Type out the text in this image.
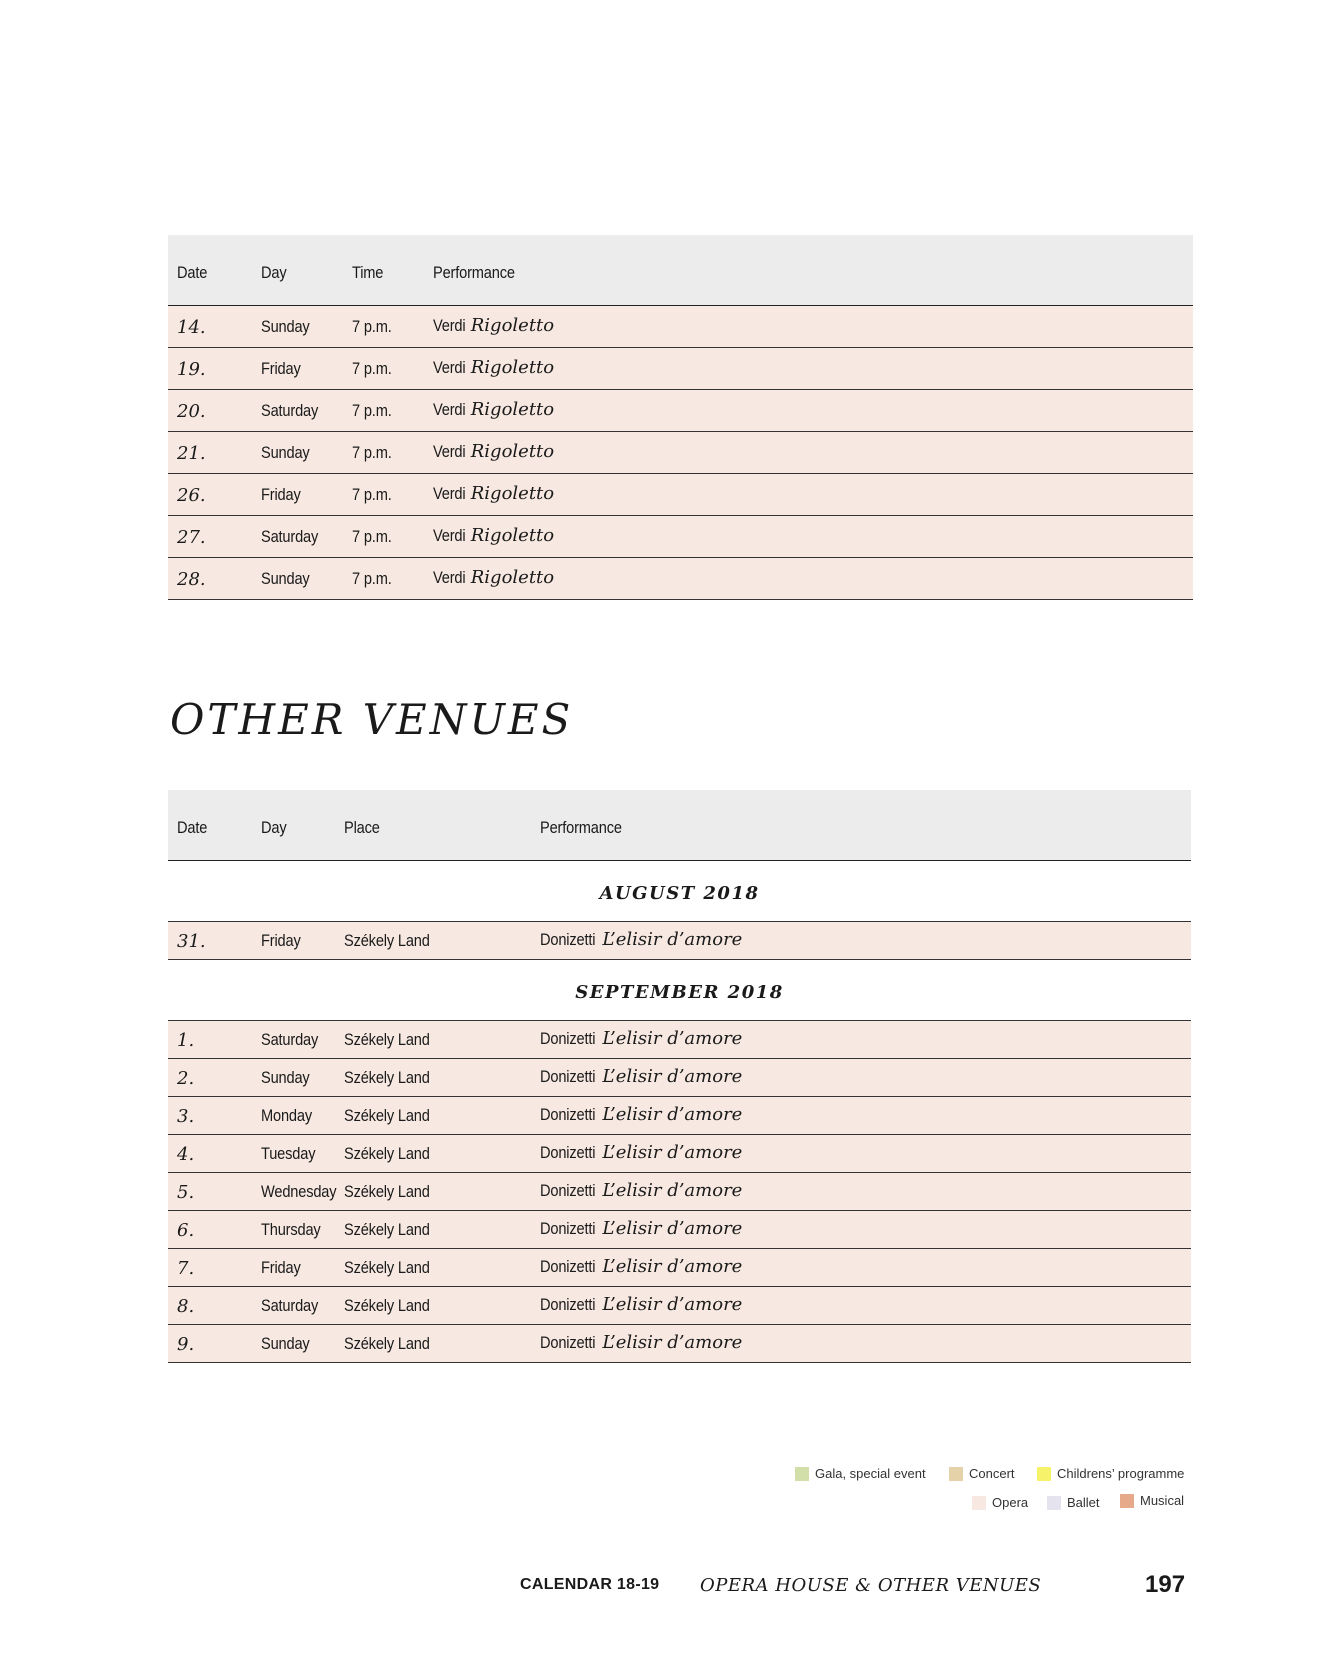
Date	Day	Time	Performance
14.	Sunday 7 p.m. Verdi Rigoletto
19.	Friday	7 p.m. Verdi Rigoletto
20.	Saturday 7 p.m. Verdi Rigoletto
21.	Sunday 7 p.m. Verdi Rigoletto
26.	Friday	7 p.m. Verdi Rigoletto
27.	Saturday 7 p.m. Verdi Rigoletto
28.	Sunday 7 p.m. Verdi Rigoletto
OTHER VENUES
Date	Day	Place	Performance
AUGUST 2018
31.	Friday	Székely Land	Donizetti L’elisir d’amore
SEPTEMBER 2018
1.	Saturday Székely Land	Donizetti L’elisir d’amore
2.	Sunday Székely Land	Donizetti L’elisir d’amore
3.	Monday Székely Land	Donizetti L’elisir d’amore
4.	Tuesday Székely Land	Donizetti L’elisir d’amore
5.	Wednesday Székely Land	Donizetti L’elisir d’amore
6.	Thursday Székely Land	Donizetti L’elisir d’amore
7.	Friday	Székely Land	Donizetti L’elisir d’amore
8.	Saturday Székely Land	Donizetti L’elisir d’amore
9.	Sunday Székely Land	Donizetti L’elisir d’amore
Gala, special event	Concert	Childrens’ programme
Opera	Ballet	Musical
CALENDAR 18-19 OPERA HOUSE & OTHER VENUES	197
